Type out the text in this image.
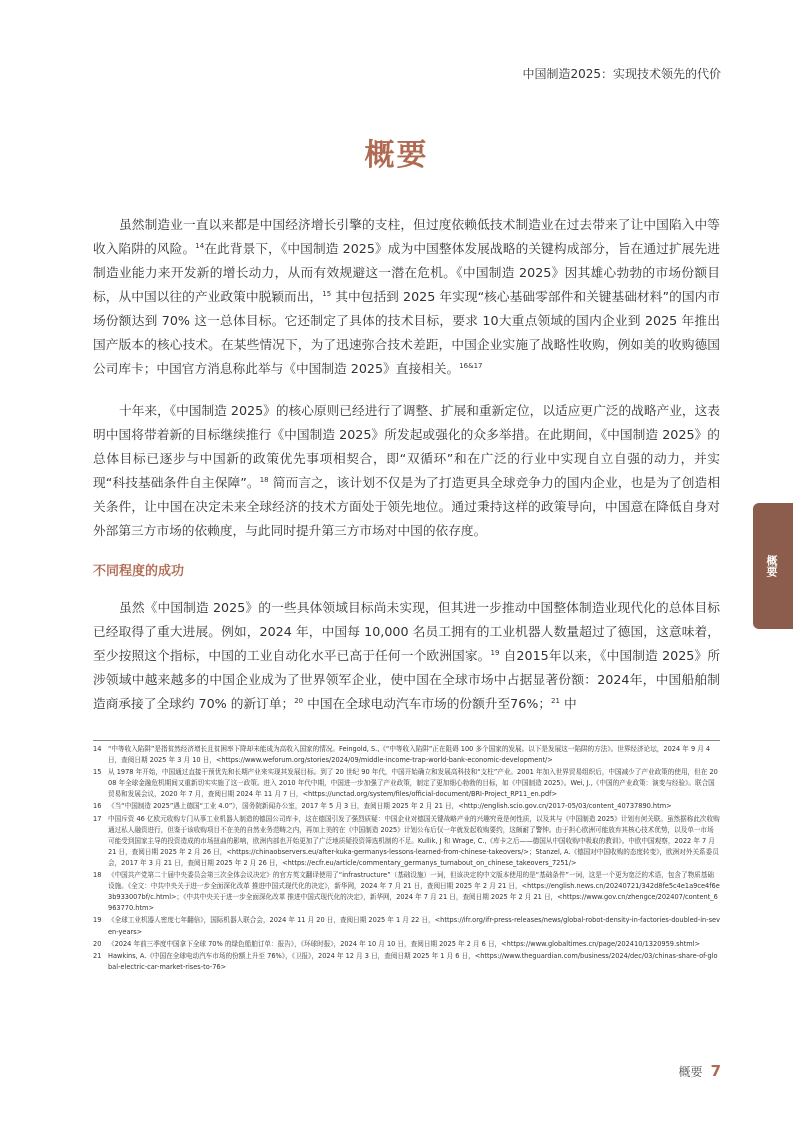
中国制造2025：实现技术领先的代价
概要

虽然制造业一直以来都是中国经济增长引擎的支柱，但过度依赖低技术制造业在过去带来了让中国陷入中等收入陷阱的风险。$^{14}$在此背景下，《中国制造 2025》成为中国整体发展战略的关键构成部分，旨在通过扩展先进制造业能力来开发新的增长动力，从而有效规避这一潜在危机。《中国制造 2025》因其雄心勃勃的市场份额目标，从中国以往的产业政策中脱颖而出，$^{15}$ 其中包括到 2025 年实现“核心基础零部件和关键基础材料”的国内市场份额达到 70% 这一总体目标。它还制定了具体的技术目标，要求 10大重点领域的国内企业到 2025 年推出国产版本的核心技术。在某些情况下，为了迅速弥合技术差距，中国企业实施了战略性收购，例如美的收购德国公司库卡；中国官方消息称此举与《中国制造 2025》直接相关。$^{16\&17}$

十年来，《中国制造 2025》的核心原则已经进行了调整、扩展和重新定位，以适应更广泛的战略产业，这表明中国将带着新的目标继续推行《中国制造 2025》所发起或强化的众多举措。在此期间，《中国制造 2025》的总体目标已逐步与中国新的政策优先事项相契合，即“双循环”和在广泛的行业中实现自立自强的动力，并实现“科技基础条件自主保障”。$^{18}$ 简而言之，该计划不仅是为了打造更具全球竞争力的国内企业，也是为了创造相关条件，让中国在决定未来全球经济的技术方面处于领先地位。通过秉持这样的政策导向，中国意在降低自身对外部第三方市场的依赖度，与此同时提升第三方市场对中国的依存度。

不同程度的成功

虽然《中国制造 2025》的一些具体领域目标尚未实现，但其进一步推动中国整体制造业现代化的总体目标已经取得了重大进展。例如，2024 年，中国每 10,000 名员工拥有的工业机器人数量超过了德国，这意味着，至少按照这个指标，中国的工业自动化水平已高于任何一个欧洲国家。$^{19}$ 自2015年以来，《中国制造 2025》所涉领域中越来越多的中国企业成为了世界领军企业，使中国在全球市场中占据显著份额：2024年，中国船舶制造商承接了全球约 70% 的新订单；$^{20}$ 中国在全球电动汽车市场的份额升至76%；$^{21}$ 中

14	“中等收入陷阱”是指贫然经济增长且贫困率下降却未能成为高收入国家的情况。Feingold, S.,《“中等收入陷阱”正在阻碍 100 多个国家的发展。以下是发展这一陷阱的方法》。世界经济论坛，2024 年 9 月 4 日，查阅日期 2025 年 3 月 10 日，<https://www.weforum.org/stories/2024/09/middle-income-trap-world-bank-economic-development/>
15	从 1978 年开始，中国通过直接干预优先和长期产业来实现其发展目标。到了 20 世纪 90 年代，中国开始确立和发展高科技和“支柱”产业。2001 年加入世界贸易组织后，中国减少了产业政策的使用，但在 2008 年全球金融危机期间又重新切实实施了这一政策。进入 2010 年代中期，中国进一步加强了产业政策，制定了更加细心勃勃的目标，如《中国制造 2025》。Wei, J.,《中国的产业政策：演变与经验》。联合国贸易和发展会议，2020 年 7 月，查阅日期 2024 年 11 月 7 日，<https://unctad.org/system/files/official-document/BRI-Project_RP11_en.pdf>
16	《当“中国制造 2025”遇上德国“工业 4.0”》，国务院新闻办公室，2017 年 5 月 3 日，查阅日期 2025 年 2 月 21 日，<http://english.scio.gov.cn/2017-05/03/content_40737890.htm>
17	中国斥资 46 亿欧元收购专门从事工业机器人制造的德国公司库卡，这在德国引发了强烈质疑：中国企业对德国关键战略产业的兴趣究竟是何性质，以及其与《中国制造 2025》计划有何关联。虽然据称此次收购通过私人融资进行，但鉴于该收购项目不在美的自然业务范畴之内，再加上美的在《中国制造 2025》计划公布后仅一年就发起收购要约，这颇耐了警钟。由于担心欧洲可能放弃其核心技术优势，以及单一市场可能受到国家主导的投资造成的市场扭曲的影响，欧洲内部也开始更加了广泛地质疑投资筛选机制的不足。Kullik, J 和 Wrage, C.,《库卡之后——德国从中国收购中吸取的教训》。中欧中国观察，2022 年 7 月 21 日，查阅日期 2025 年 2 月 26 日，<https://chinaobservers.eu/after-kuka-germanys-lessons-learned-from-chinese-takeovers/>；Stanzel, A.《德国对中国收购的态度转变》，欧洲对外关系委员会，2017 年 3 月 21 日，查阅日期 2025 年 2 月 26 日，<https://ecfr.eu/article/commentary_germanys_turnabout_on_chinese_takeovers_7251/>
18	《中国共产党第二十届中央委员会第三次全体会议决定》的官方英文翻译使用了“infrastructure”（基础设施）一词，但该决定的中文版本使用的是“基础条件”一词，这是一个更为宽泛的术语，包含了物质基础设施。《全文：中共中央关于进一步全面深化改革 推进中国式现代化的决定》，新华网，2024 年 7 月 21 日，查阅日期 2025 年 2 月 21 日，<https://english.news.cn/20240721/342d8fe5c4e1a9ce4f6e3b933007bf/c.html>；《中共中央关于进一步全面深化改革 推进中国式现代化的决定》，新华网，2024 年 7 月 21 日，查阅日期 2025 年 2 月 21 日，<https://www.gov.cn/zhengce/202407/content_6963770.htm>
19	《全球工业机器人密度七年翻倍》，国际机器人联合会，2024 年 11 月 20 日，查阅日期 2025 年 1 月 22 日，<https://ifr.org/ifr-press-releases/news/global-robot-density-in-factories-doubled-in-seven-years>
20	《2024 年前三季度中国拿下全球 70% 的绿色船舶订单：报告》，《环球时报》，2024 年 10 月 10 日，查阅日期 2025 年 2 月 6 日，<https://www.globaltimes.cn/page/202410/1320959.shtml>
21	Hawkins, A.《中国在全球电动汽车市场的份额上升至 76%》，《卫报》，2024 年 12 月 3 日，查阅日期 2025 年 1 月 6 日，<https://www.theguardian.com/business/2024/dec/03/chinas-share-of-global-electric-car-market-rises-to-76>
概要
概要 7
